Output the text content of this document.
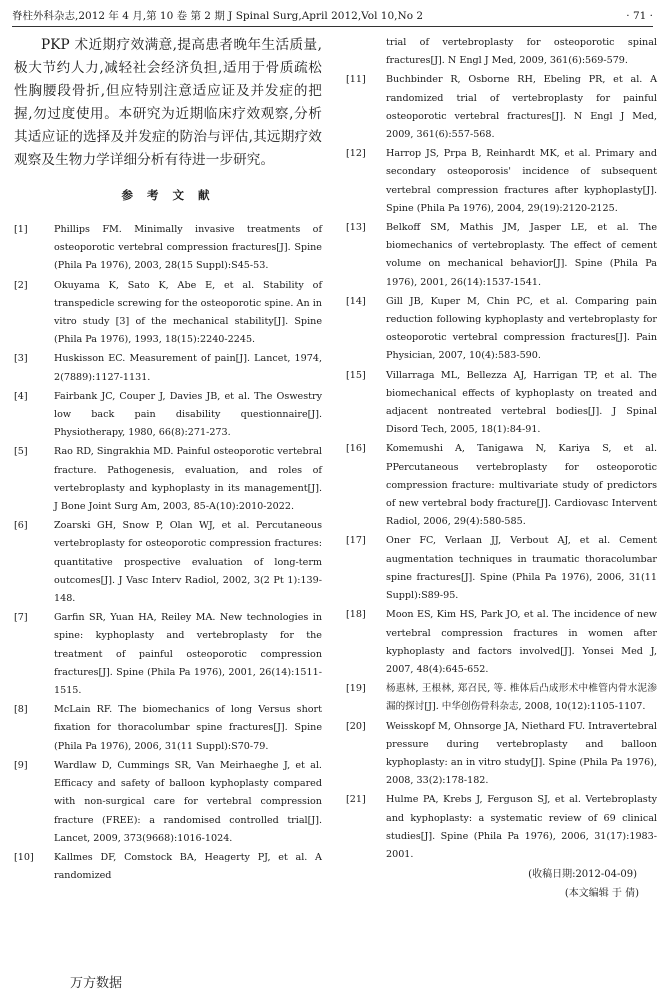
脊柱外科杂志,2012 年 4 月,第 10 卷 第 2 期 J Spinal Surg,April 2012,Vol 10,No 2	· 71 ·

PKP 术近期疗效满意,提高患者晚年生活质量,极大节约人力,减轻社会经济负担,适用于骨质疏松性胸腰段骨折,但应特别注意适应证及并发症的把握,勿过度使用。本研究为近期临床疗效观察,分析其适应证的选择及并发症的防治与评估,其远期疗效观察及生物力学详细分析有待进一步研究。

参 考 文 献
[1]	Phillips FM. Minimally invasive treatments of osteoporotic vertebral compression fractures[J]. Spine (Phila Pa 1976), 2003, 28(15 Suppl):S45-53.
[2]	Okuyama K, Sato K, Abe E, et al. Stability of transpedicle screwing for the osteoporotic spine. An in vitro study [3] of the mechanical stability[J]. Spine (Phila Pa 1976), 1993, 18(15):2240-2245.
[3]	Huskisson EC. Measurement of pain[J]. Lancet, 1974, 2(7889):1127-1131.
[4]	Fairbank JC, Couper J, Davies JB, et al. The Oswestry low back pain disability questionnaire[J]. Physiotherapy, 1980, 66(8):271-273.
[5]	Rao RD, Singrakhia MD. Painful osteoporotic vertebral fracture. Pathogenesis, evaluation, and roles of vertebroplasty and kyphoplasty in its management[J]. J Bone Joint Surg Am, 2003, 85-A(10):2010-2022.
[6]	Zoarski GH, Snow P, Olan WJ, et al. Percutaneous vertebroplasty for osteoporotic compression fractures: quantitative prospective evaluation of long-term outcomes[J]. J Vasc Interv Radiol, 2002, 3(2 Pt 1):139-148.
[7]	Garfin SR, Yuan HA, Reiley MA. New technologies in spine: kyphoplasty and vertebroplasty for the treatment of painful osteoporotic compression fractures[J]. Spine (Phila Pa 1976), 2001, 26(14):1511-1515.
[8]	McLain RF. The biomechanics of long Versus short fixation for thoracolumbar spine fractures[J]. Spine (Phila Pa 1976), 2006, 31(11 Suppl):S70-79.
[9]	Wardlaw D, Cummings SR, Van Meirhaeghe J, et al. Efficacy and safety of balloon kyphoplasty compared with non-surgical care for vertebral compression fracture (FREE): a randomised controlled trial[J]. Lancet, 2009, 373(9668):1016-1024.
[10]	Kallmes DF, Comstock BA, Heagerty PJ, et al. A randomized
trial of vertebroplasty for osteoporotic spinal fractures[J]. N Engl J Med, 2009, 361(6):569-579.
[11]	Buchbinder R, Osborne RH, Ebeling PR, et al. A randomized trial of vertebroplasty for painful osteoporotic vertebral fractures[J]. N Engl J Med, 2009, 361(6):557-568.
[12]	Harrop JS, Prpa B, Reinhardt MK, et al. Primary and secondary osteoporosis' incidence of subsequent vertebral compression fractures after kyphoplasty[J]. Spine (Phila Pa 1976), 2004, 29(19):2120-2125.
[13]	Belkoff SM, Mathis JM, Jasper LE, et al. The biomechanics of vertebroplasty. The effect of cement volume on mechanical behavior[J]. Spine (Phila Pa 1976), 2001, 26(14):1537-1541.
[14]	Gill JB, Kuper M, Chin PC, et al. Comparing pain reduction following kyphoplasty and vertebroplasty for osteoporotic vertebral compression fractures[J]. Pain Physician, 2007, 10(4):583-590.
[15]	Villarraga ML, Bellezza AJ, Harrigan TP, et al. The biomechanical effects of kyphoplasty on treated and adjacent nontreated vertebral bodies[J]. J Spinal Disord Tech, 2005, 18(1):84-91.
[16]	Komemushi A, Tanigawa N, Kariya S, et al. PPercutaneous vertebroplasty for osteoporotic compression fracture: multivariate study of predictors of new vertebral body fracture[J]. Cardiovasc Intervent Radiol, 2006, 29(4):580-585.
[17]	Oner FC, Verlaan JJ, Verbout AJ, et al. Cement augmentation techniques in traumatic thoracolumbar spine fractures[J]. Spine (Phila Pa 1976), 2006, 31(11 Suppl):S89-95.
[18]	Moon ES, Kim HS, Park JO, et al. The incidence of new vertebral compression fractures in women after kyphoplasty and factors involved[J]. Yonsei Med J, 2007, 48(4):645-652.
[19]	杨惠林, 王根林, 郑召民, 等. 椎体后凸成形术中椎管内骨水泥渗漏的探讨[J]. 中华创伤骨科杂志, 2008, 10(12):1105-1107.
[20]	Weisskopf M, Ohnsorge JA, Niethard FU. Intravertebral pressure during vertebroplasty and balloon kyphoplasty: an in vitro study[J]. Spine (Phila Pa 1976), 2008, 33(2):178-182.
[21]	Hulme PA, Krebs J, Ferguson SJ, et al. Vertebroplasty and kyphoplasty: a systematic review of 69 clinical studies[J]. Spine (Phila Pa 1976), 2006, 31(17):1983-2001.
(收稿日期:2012-04-09)
(本文编辑 于 倩)
万方数据
